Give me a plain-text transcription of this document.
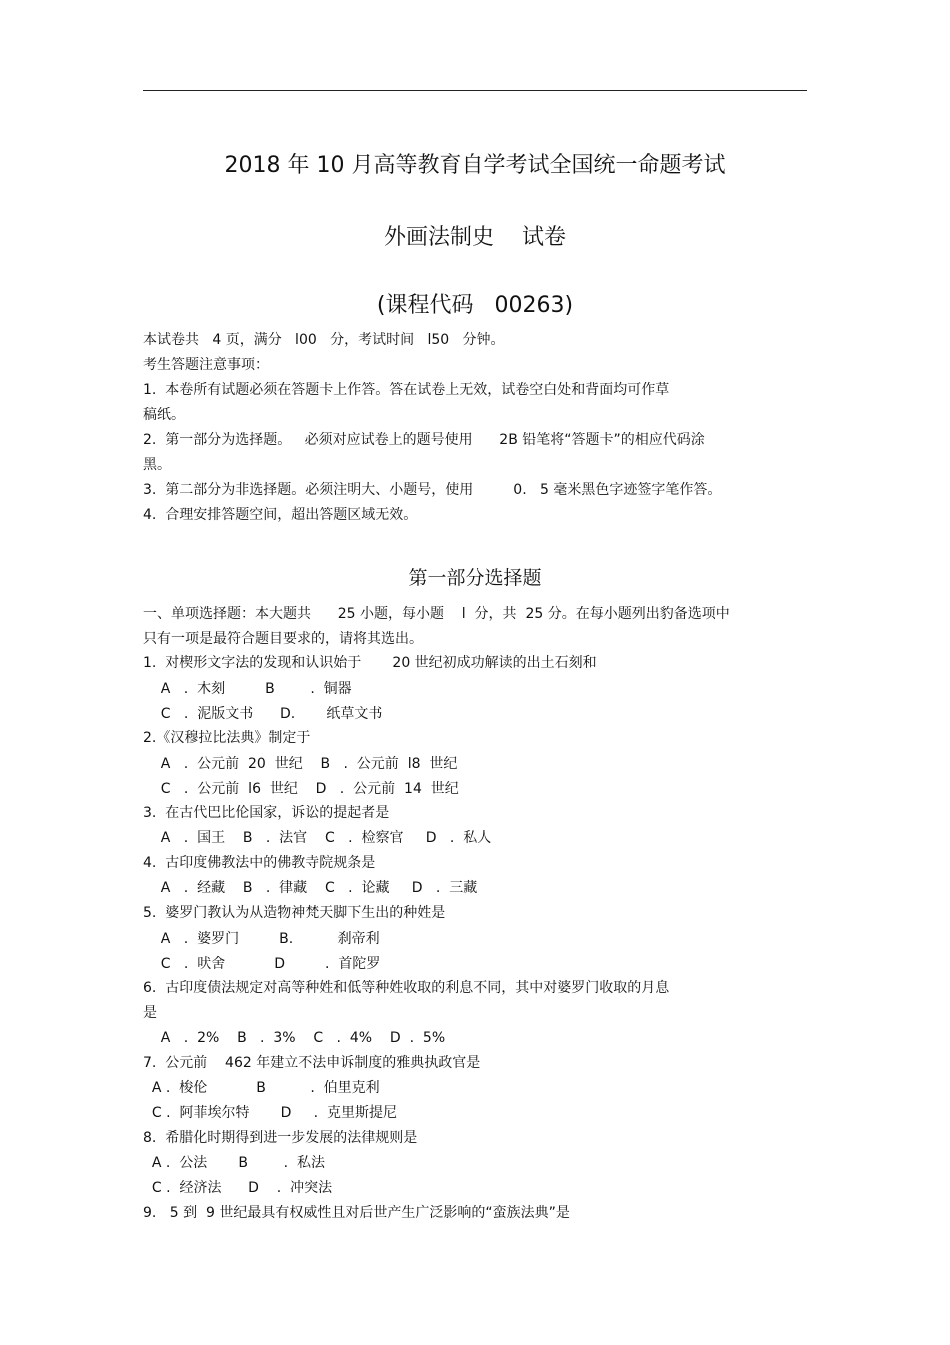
2018 年 10 月高等教育自学考试全国统一命题考试
外画法制史    试卷
(课程代码   00263)
本试卷共   4 页，满分   l00   分，考试时间   l50   分钟。
考生答题注意事项：
1.  本卷所有试题必须在答题卡上作答。答在试卷上无效，试卷空白处和背面均可作草
稿纸。
2.  第一部分为选择题。   必须对应试卷上的题号使用      2B 铅笔将“答题卡”的相应代码涂
黑。
3.  第二部分为非选择题。必须注明大、小题号，使用         0.   5 毫米黑色字迹签字笔作答。
4.  合理安排答题空间，超出答题区域无效。
第一部分选择题
一、单项选择题：本大题共      25 小题，每小题    l  分，共  25 分。在每小题列出豹备选项中
只有一项是最符合题目要求的，请将其选出。
1.  对楔形文字法的发现和认识始于       20 世纪初成功解读的出土石刻和
A   .  木刻         B        .  铜器
C   .  泥版文书      D.       纸草文书
2.《汉穆拉比法典》制定于
A   .  公元前  20  世纪    B   .  公元前  l8  世纪
C   .  公元前  l6  世纪    D   .  公元前  14  世纪
3.  在古代巴比伦国家，诉讼的提起者是
A   .  国王    B   .  法官    C   .  检察官     D   .  私人
4.  古印度佛教法中的佛教寺院规条是
A   .  经藏    B   .  律藏    C   .  论藏     D   .  三藏
5.  婆罗门教认为从造物神梵天脚下生出的种姓是
A   .  婆罗门         B.          刹帝利
C   .  吠舍           D         .  首陀罗
6.  古印度债法规定对高等种姓和低等种姓收取的利息不同，其中对婆罗门收取的月息
是
A   .  2%    B   .  3%    C   .  4%    D  .  5%
7.  公元前    462 年建立不法申诉制度的雅典执政官是
A .  梭伦           B          .  伯里克利
C .  阿菲埃尔特       D     .  克里斯提尼
8.  希腊化时期得到进一步发展的法律规则是
A .  公法       B        .  私法
C .  经济法      D    .  冲突法
9.   5 到  9 世纪最具有权威性且对后世产生广泛影响的“蛮族法典”是
